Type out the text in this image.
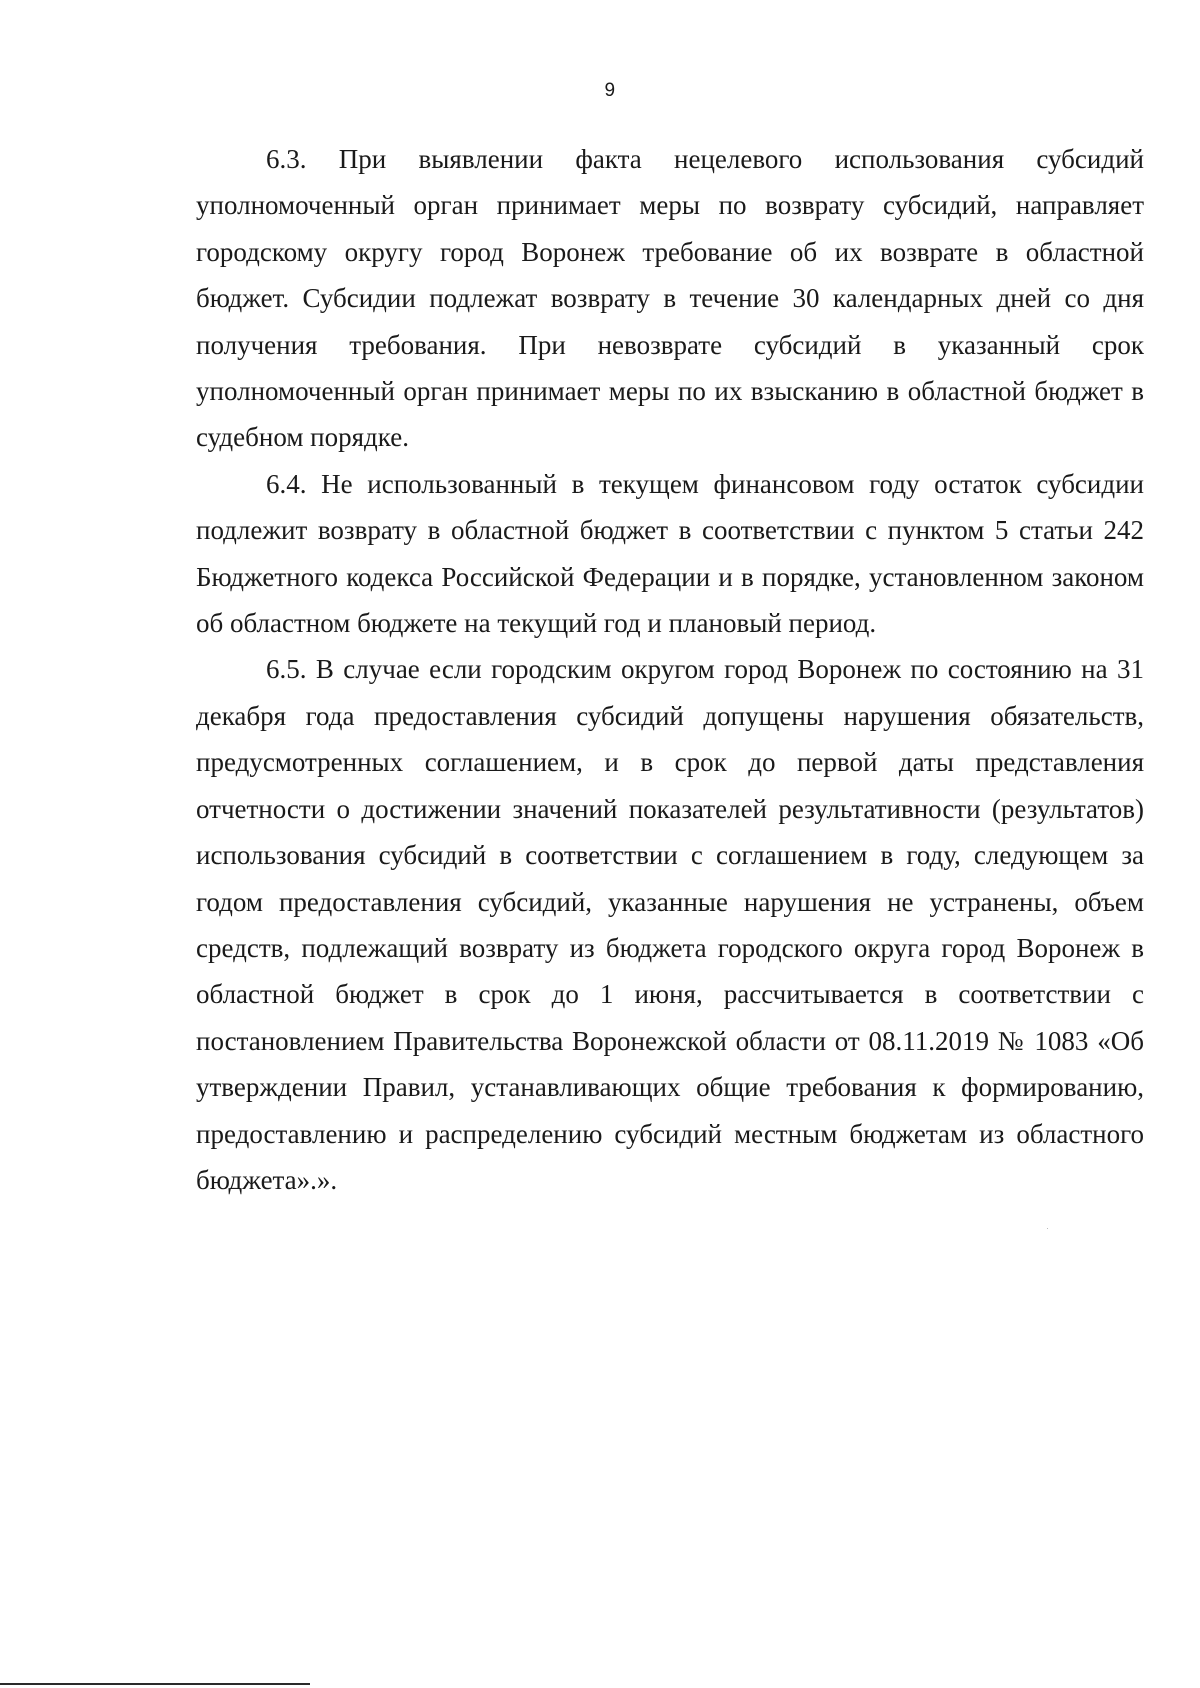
9

6.3. При выявлении факта нецелевого использования субсидий уполномоченный орган принимает меры по возврату субсидий, направляет городскому округу город Воронеж требование об их возврате в областной бюджет. Субсидии подлежат возврату в течение 30 календарных дней со дня получения требования. При невозврате субсидий в указанный срок уполномоченный орган принимает меры по их взысканию в областной бюджет в судебном порядке.

6.4. Не использованный в текущем финансовом году остаток субсидии подлежит возврату в областной бюджет в соответствии с пунктом 5 статьи 242 Бюджетного кодекса Российской Федерации и в порядке, установленном законом об областном бюджете на текущий год и плановый период.

6.5. В случае если городским округом город Воронеж по состоянию на 31 декабря года предоставления субсидий допущены нарушения обязательств, предусмотренных соглашением, и в срок до первой даты представления отчетности о достижении значений показателей результативности (результатов) использования субсидий в соответствии с соглашением в году, следующем за годом предоставления субсидий, указанные нарушения не устранены, объем средств, подлежащий возврату из бюджета городского округа город Воронеж в областной бюджет в срок до 1 июня, рассчитывается в соответствии с постановлением Правительства Воронежской области от 08.11.2019 № 1083 «Об утверждении Правил, устанавливающих общие требования к формированию, предоставлению и распределению субсидий местным бюджетам из областного бюджета».».
